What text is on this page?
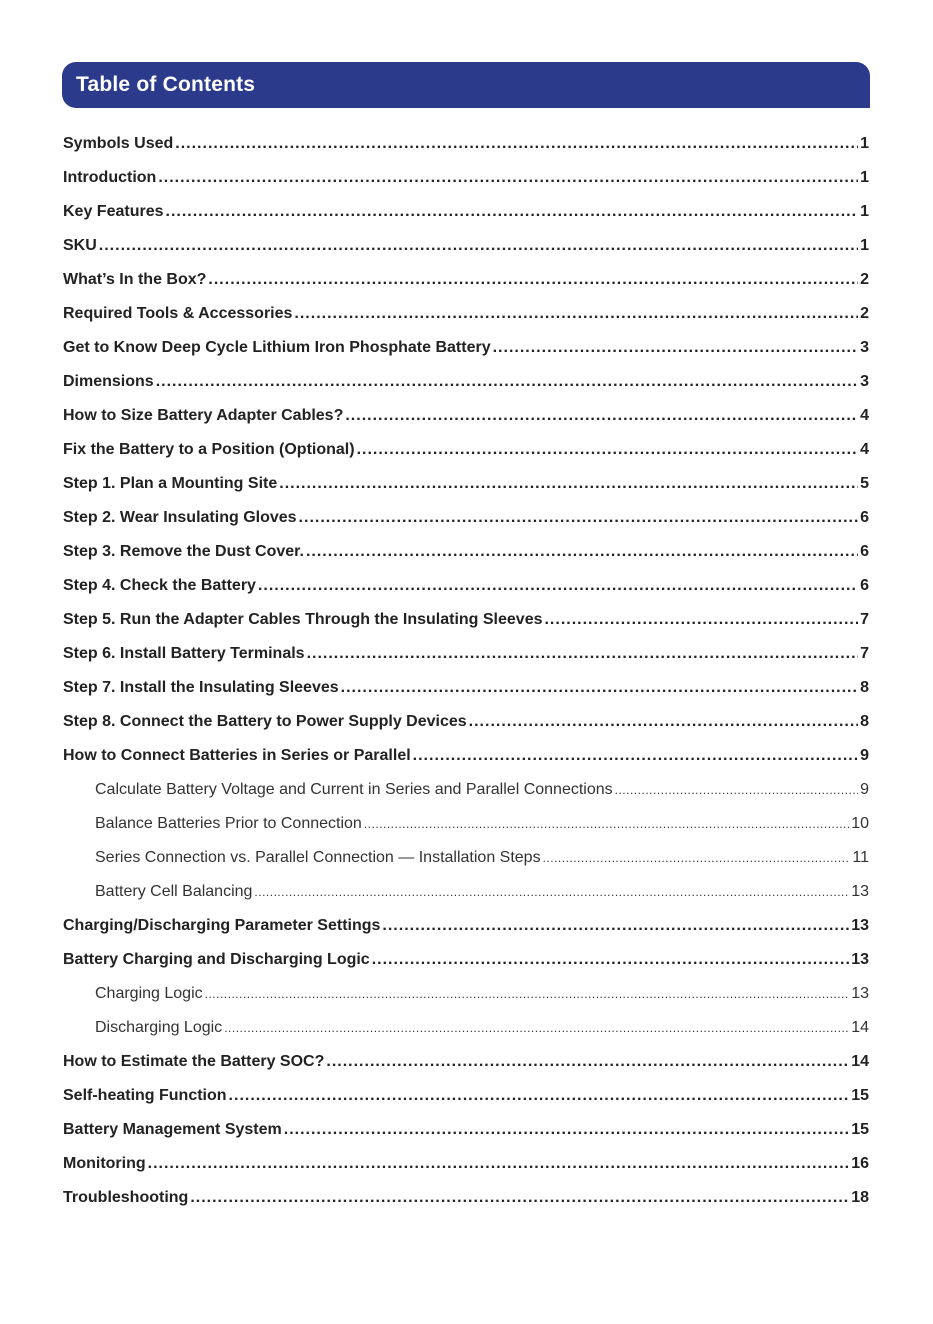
Table of Contents
Symbols Used .....	1
Introduction .....	1
Key Features .....	1
SKU .....	1
What’s In the Box? .....	2
Required Tools & Accessories .....	2
Get to Know Deep Cycle Lithium Iron Phosphate Battery .....	3
Dimensions .....	3
How to Size Battery Adapter Cables? .....	4
Fix the Battery to a Position (Optional) .....	4
Step 1. Plan a Mounting Site .....	5
Step 2. Wear Insulating Gloves .....	6
Step 3. Remove the Dust Cover. .....	6
Step 4. Check the Battery .....	6
Step 5. Run the Adapter Cables Through the Insulating Sleeves .....	7
Step 6. Install Battery Terminals .....	7
Step 7. Install the Insulating Sleeves .....	8
Step 8. Connect the Battery to Power Supply Devices .....	8
How to Connect Batteries in Series or Parallel .....	9
Calculate Battery Voltage and Current in Series and Parallel Connections .....	9
Balance Batteries Prior to Connection .....	10
Series Connection vs. Parallel Connection — Installation Steps .....	11
Battery Cell Balancing .....	13
Charging/Discharging Parameter Settings .....	13
Battery Charging and Discharging Logic .....	13
Charging Logic .....	13
Discharging Logic .....	14
How to Estimate the Battery SOC? .....	14
Self-heating Function .....	15
Battery Management System .....	15
Monitoring .....	16
Troubleshooting .....	18
